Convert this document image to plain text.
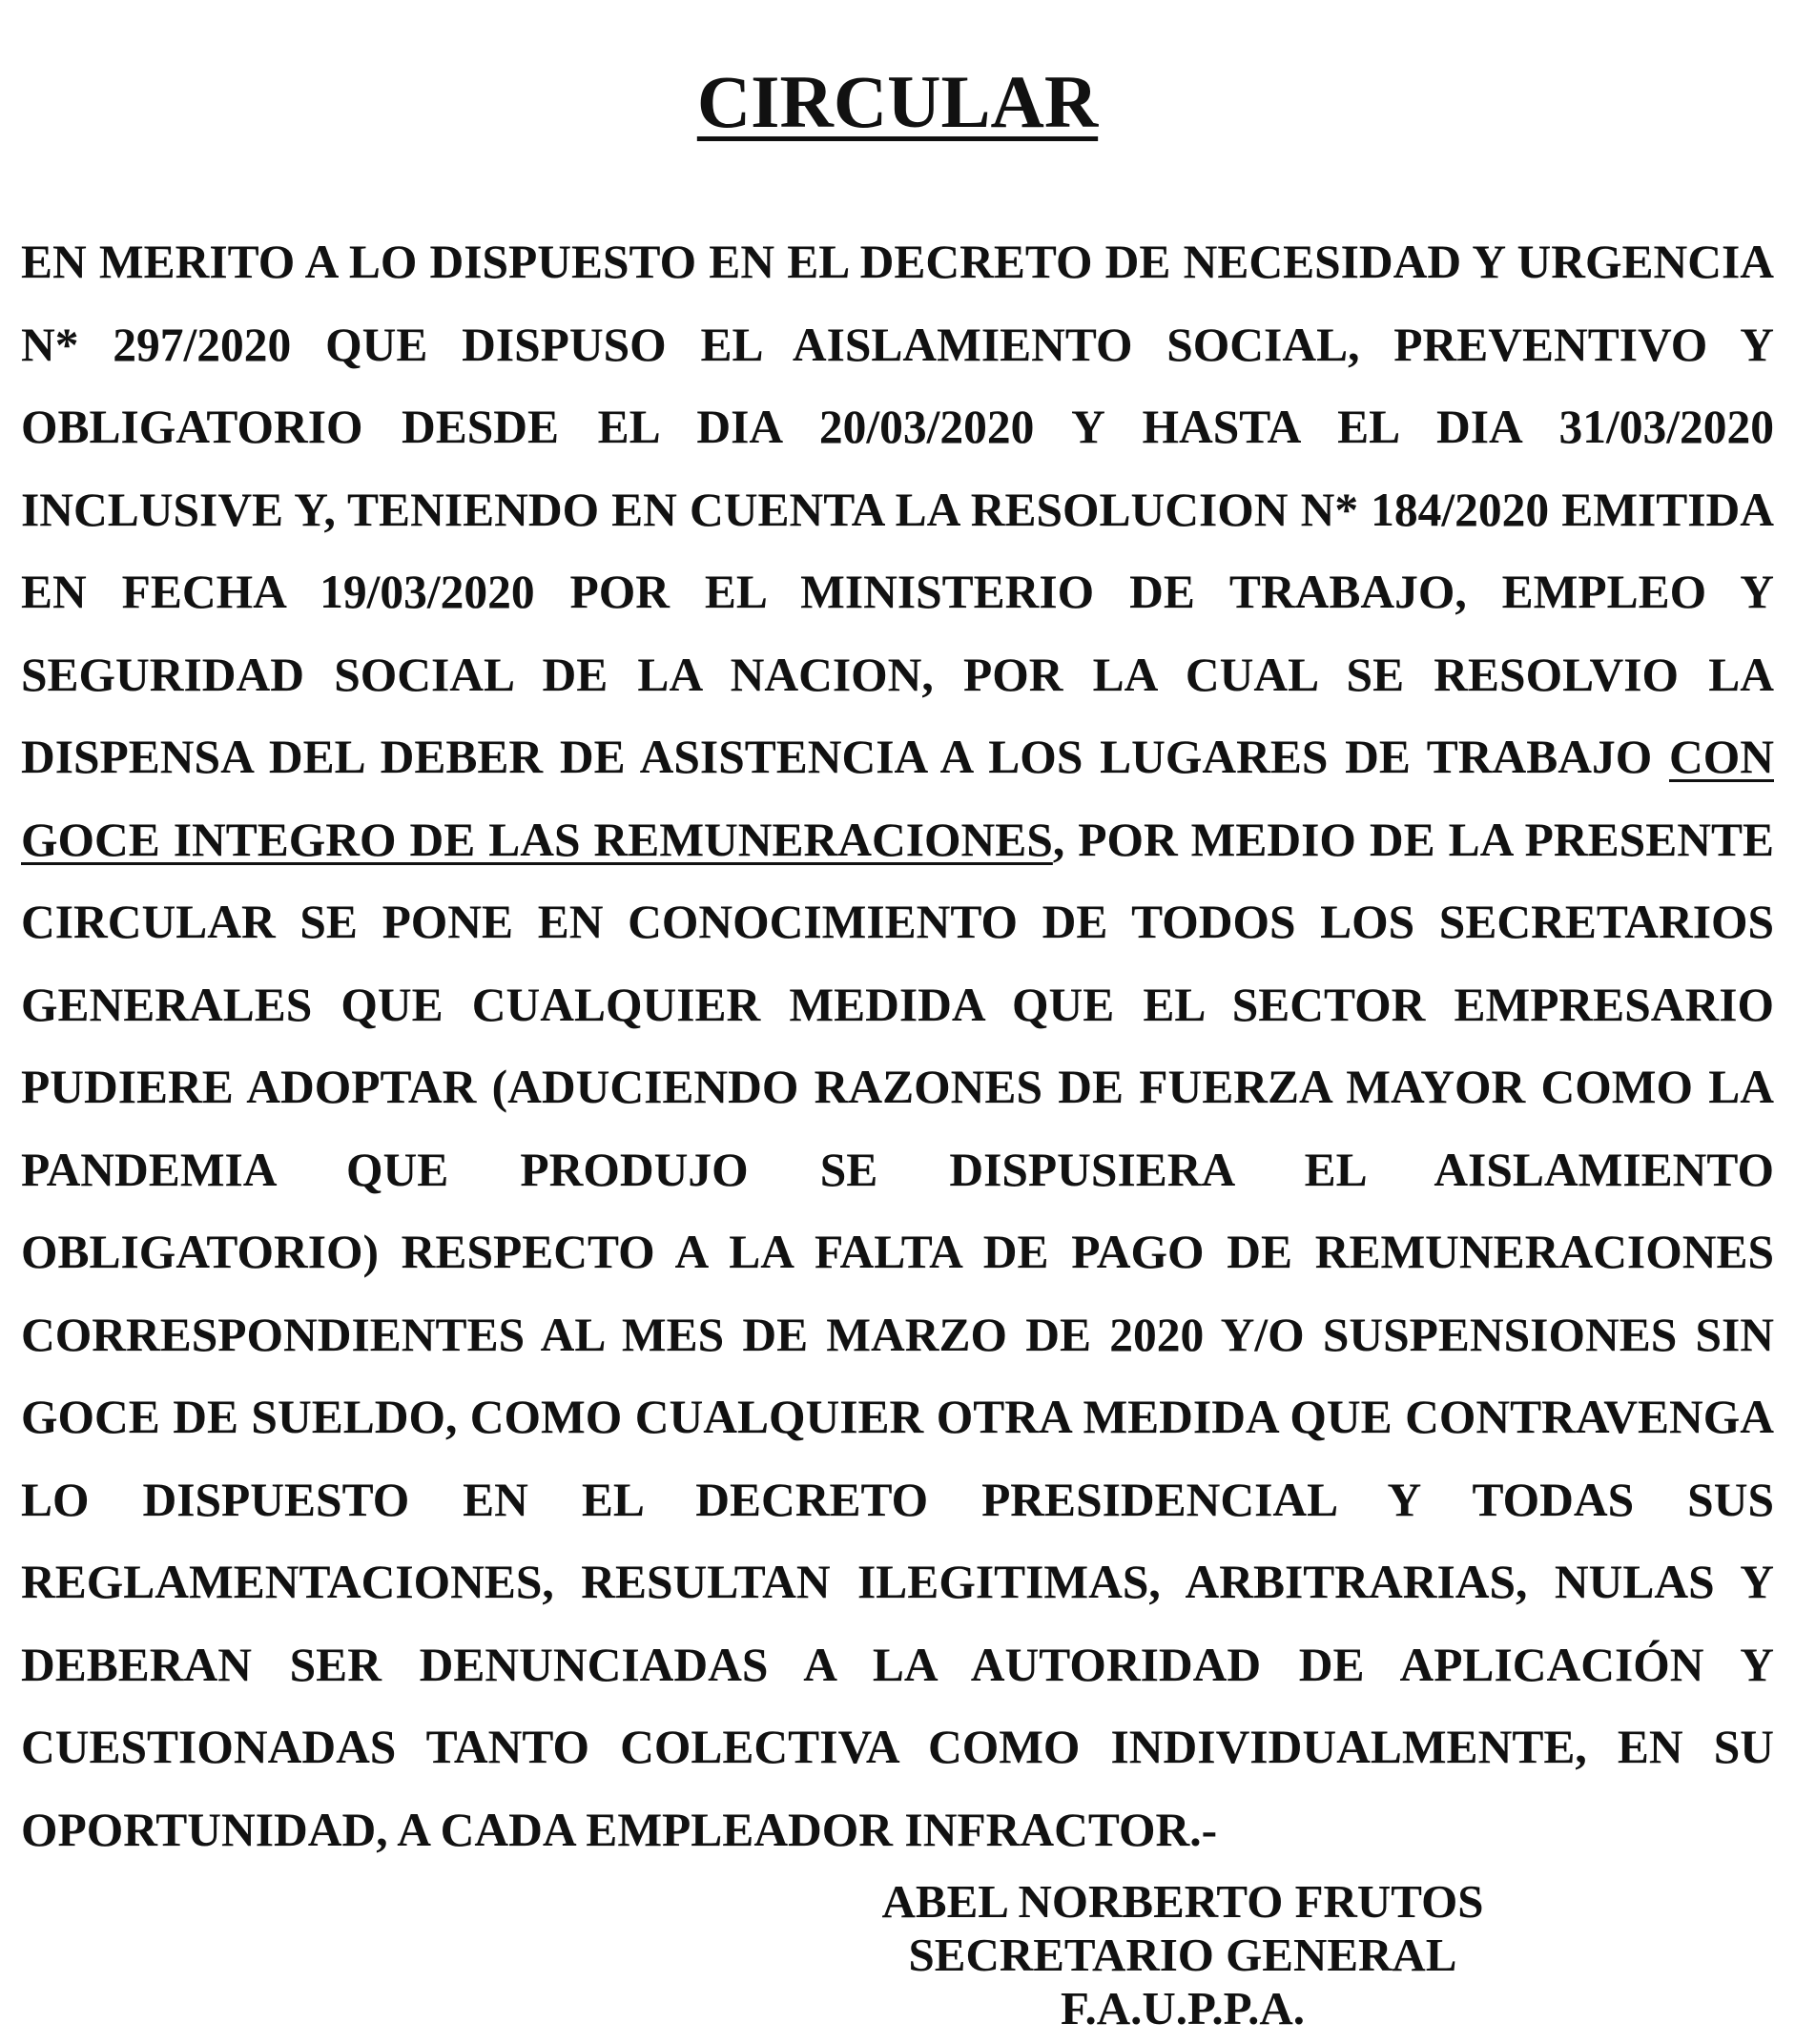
CIRCULAR
EN MERITO A LO DISPUESTO EN EL DECRETO DE NECESIDAD Y URGENCIA
N* 297/2020 QUE DISPUSO EL AISLAMIENTO SOCIAL, PREVENTIVO Y
OBLIGATORIO DESDE EL DIA 20/03/2020 Y HASTA EL DIA 31/03/2020
INCLUSIVE Y, TENIENDO EN CUENTA LA RESOLUCION N* 184/2020 EMITIDA
EN FECHA 19/03/2020 POR EL MINISTERIO DE TRABAJO, EMPLEO Y
SEGURIDAD SOCIAL DE LA NACION, POR LA CUAL SE RESOLVIO LA
DISPENSA DEL DEBER DE ASISTENCIA A LOS LUGARES DE TRABAJO CON
GOCE INTEGRO DE LAS REMUNERACIONES, POR MEDIO DE LA PRESENTE
CIRCULAR SE PONE EN CONOCIMIENTO DE TODOS LOS SECRETARIOS
GENERALES QUE CUALQUIER MEDIDA QUE EL SECTOR EMPRESARIO
PUDIERE ADOPTAR (ADUCIENDO RAZONES DE FUERZA MAYOR COMO LA
PANDEMIA QUE PRODUJO SE DISPUSIERA EL AISLAMIENTO
OBLIGATORIO) RESPECTO A LA FALTA DE PAGO DE REMUNERACIONES
CORRESPONDIENTES AL MES DE MARZO DE 2020 Y/O SUSPENSIONES SIN
GOCE DE SUELDO, COMO CUALQUIER OTRA MEDIDA QUE CONTRAVENGA
LO DISPUESTO EN EL DECRETO PRESIDENCIAL Y TODAS SUS
REGLAMENTACIONES, RESULTAN ILEGITIMAS, ARBITRARIAS, NULAS Y
DEBERAN SER DENUNCIADAS A LA AUTORIDAD DE APLICACIÓN Y
CUESTIONADAS TANTO COLECTIVA COMO INDIVIDUALMENTE, EN SU
OPORTUNIDAD, A CADA EMPLEADOR INFRACTOR.-
ABEL NORBERTO FRUTOS
SECRETARIO GENERAL
F.A.U.P.P.A.
